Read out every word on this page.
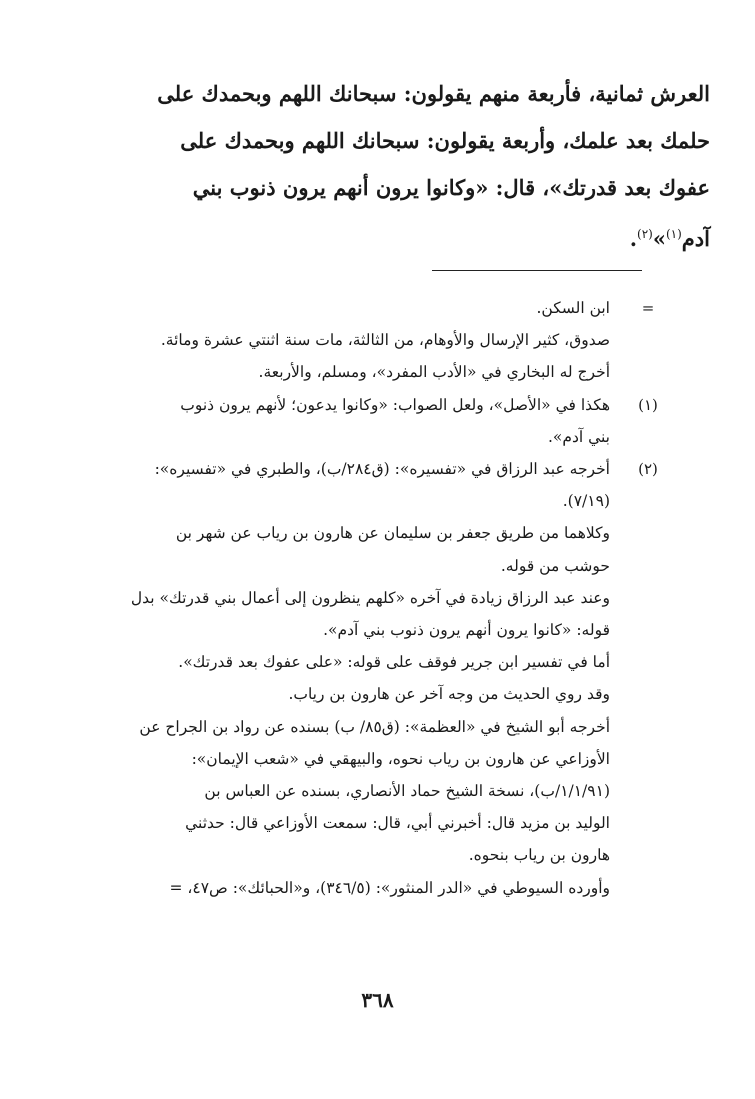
العرش ثمانية، فأربعة منهم يقولون: سبحانك اللهم وبحمدك على

حلمك بعد علمك، وأربعة يقولون: سبحانك اللهم وبحمدك على

عفوك بعد قدرتك»، قال: «وكانوا يرون أنهم يرون ذنوب بني

آدم$^{(١)}$»$^{(٢)}$.

=
ابن السكن.
صدوق، كثير الإرسال والأوهام، من الثالثة، مات سنة اثنتي عشرة ومائة.
أخرج له البخاري في «الأدب المفرد»، ومسلم، والأربعة.
(١)
هكذا في «الأصل»، ولعل الصواب: «وكانوا يدعون؛ لأنهم يرون ذنوب
بني آدم».
(٢)
أخرجه عبد الرزاق في «تفسيره»: (ق٢٨٤/ب)، والطبري في «تفسيره»:
(٧/١٩).
وكلاهما من طريق جعفر بن سليمان عن هارون بن رياب عن شهر بن
حوشب من قوله.
وعند عبد الرزاق زيادة في آخره «كلهم ينظرون إلى أعمال بني قدرتك» بدل
قوله: «كانوا يرون أنهم يرون ذنوب بني آدم».
أما في تفسير ابن جرير فوقف على قوله: «على عفوك بعد قدرتك».
وقد روي الحديث من وجه آخر عن هارون بن رياب.
أخرجه أبو الشيخ في «العظمة»: (ق٨٥/ ب) بسنده عن رواد بن الجراح عن
الأوزاعي عن هارون بن رياب نحوه، والبيهقي في «شعب الإيمان»:
(١/١/٩١/ب)، نسخة الشيخ حماد الأنصاري، بسنده عن العباس بن
الوليد بن مزيد قال: أخبرني أبي، قال: سمعت الأوزاعي قال: حدثني
هارون بن رياب بنحوه.
وأورده السيوطي في «الدر المنثور»: (٣٤٦/٥)، و«الحبائك»: ص٤٧، =
٣٦٨
